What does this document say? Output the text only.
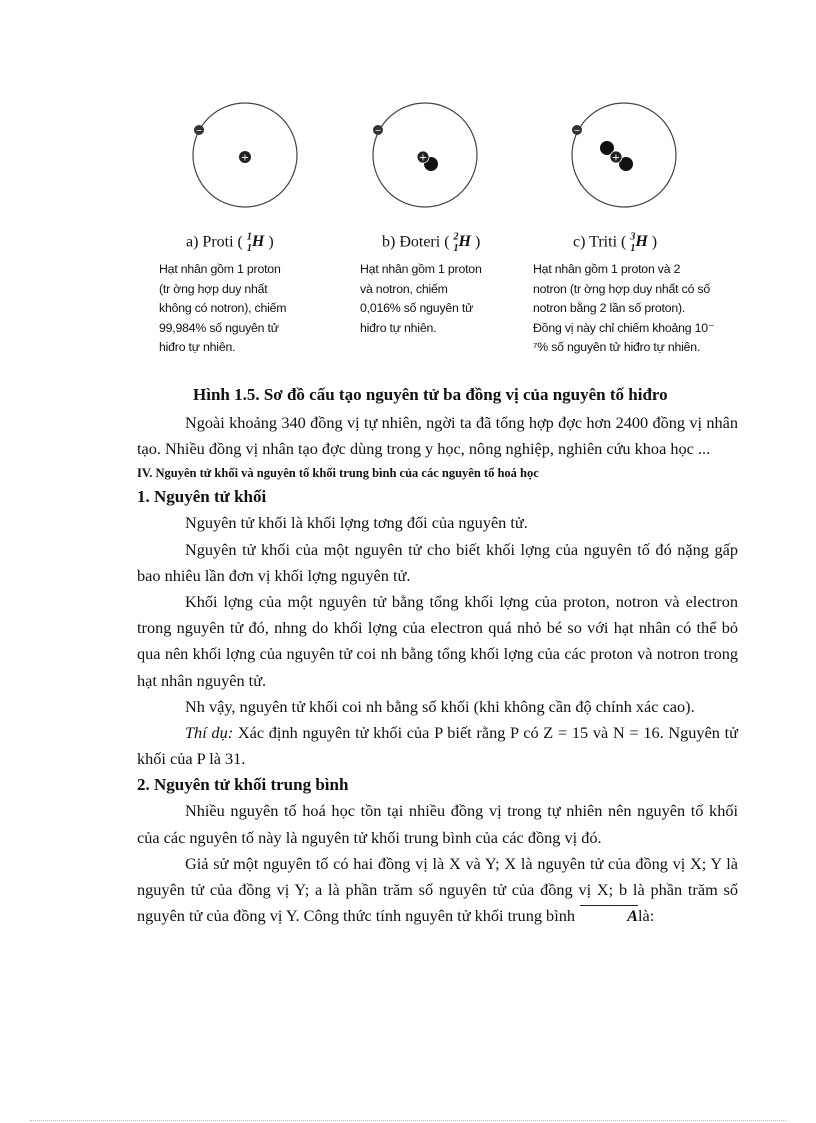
−
+
−
+
−
+
a) Proti ( $^1_1$H )	b) Đoteri ( $^2_1$H )	c) Triti ( $^3_1$H )
Hạt nhân gồm 1 proton
(tr ờng hợp duy nhất
không có notron), chiếm
99,984% số nguyên tử
hiđro tự nhiên.
Hạt nhân gồm 1 proton
và notron, chiếm
0,016% số nguyên tử
hiđro tự nhiên.
Hạt nhân gồm 1 proton và 2
notron (tr ờng hợp duy nhất có số
notron bằng 2 lần số proton).
Đồng vị này chỉ chiếm khoảng 10⁻
⁷% số nguyên tử hiđro tự nhiên.
Hình 1.5. Sơ đồ cấu tạo nguyên tử ba đồng vị của nguyên tố hiđro

Ngoài khoảng 340 đồng vị tự nhiên, ngời ta đã tổng hợp đợc hơn 2400 đồng vị nhân tạo. Nhiều đồng vị nhân tạo đợc dùng trong y học, nông nghiệp, nghiên cứu khoa học ...

IV. Nguyên tử khối và nguyên tố khối trung bình của các nguyên tố hoá học

1. Nguyên tử khối

Nguyên tử khối là khối lợng tơng đối của nguyên tử.

Nguyên tử khối của một nguyên tử cho biết khối lợng của nguyên tố đó nặng gấp bao nhiêu lần đơn vị khối lợng nguyên tử.

Khối lợng của một nguyên tử bằng tổng khối lợng của proton, notron và electron trong nguyên tử đó, nhng do khối lợng của electron quá nhỏ bé so với hạt nhân có thể bỏ qua nên khối lợng của nguyên tử coi nh bằng tổng khối lợng của các proton và notron trong hạt nhân nguyên tử.

Nh vậy, nguyên tử khối coi nh bằng số khối (khi không cần độ chính xác cao).

Thí dụ: Xác định nguyên tử khối của P biết rằng P có Z = 15 và N = 16. Nguyên tử khối của P là 31.

2. Nguyên tử khối trung bình

Nhiều nguyên tố hoá học tồn tại nhiều đồng vị trong tự nhiên nên nguyên tố khối của các nguyên tố này là nguyên tử khối trung bình của các đồng vị đó.

Giả sử một nguyên tố có hai đồng vị là X và Y; X là nguyên tử của đồng vị X; Y là nguyên tử của đồng vị Y; a là phần trăm số nguyên tử của đồng vị X; b là phần trăm số nguyên tử của đồng vị Y. Công thức tính nguyên tử khối trung bình	Alà:
